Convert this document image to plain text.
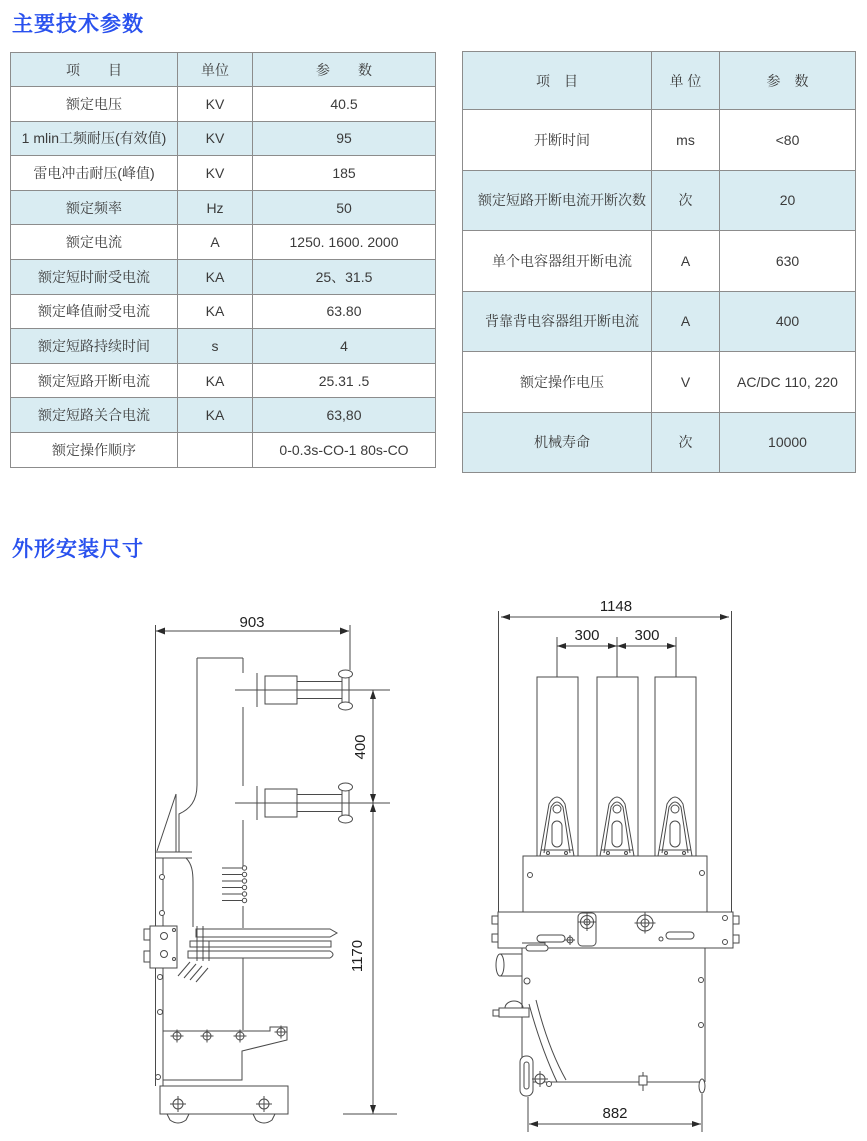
主要技术参数
项　　目	单位	参　　数
额定电压	KV	40.5
1 mlin工频耐压(有效值)	KV	95
雷电冲击耐压(峰值)	KV	185
额定频率	Hz	50
额定电流	A	1250. 1600. 2000
额定短时耐受电流	KA	25、31.5
额定峰值耐受电流	KA	63.80
额定短路持续时间	s	4
额定短路开断电流	KA	25.31 .5
额定短路关合电流	KA	63,80
额定操作顺序		0-0.3s-CO-1 80s-CO
项　目	单 位	参　数
开断时间	ms	<80
额定短路开断电流开断次数	次	20
单个电容器组开断电流	A	630
背靠背电容器组开断电流	A	400
额定操作电压	V	AC/DC 110, 220
机械寿命	次	10000
外形安装尺寸
903
400
1170
1148
300 300
882
